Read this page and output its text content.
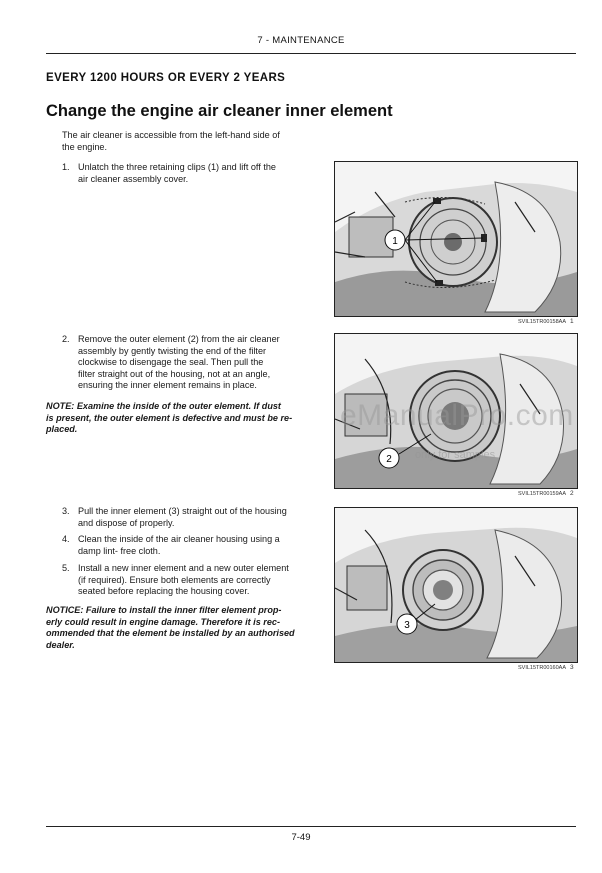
7 - MAINTENANCE
EVERY 1200 HOURS OR EVERY 2 YEARS
Change the engine air cleaner inner element
The air cleaner is accessible from the left-hand side of
the engine.
1. Unlatch the three retaining clips (1) and lift off the
air cleaner assembly cover.
2. Remove the outer element (2) from the air cleaner
assembly by gently twisting the end of the filter
clockwise to disengage the seal. Then pull the
filter straight out of the housing, not at an angle,
ensuring the inner element remains in place.
NOTE: Examine the inside of the outer element. If dust
is present, the outer element is defective and must be re-
placed.
3. Pull the inner element (3) straight out of the housing
and dispose of properly.
4. Clean the inside of the air cleaner housing using a
damp lint- free cloth.
5. Install a new inner element and a new outer element
(if required). Ensure both elements are correctly
seated before replacing the housing cover.
NOTICE: Failure to install the inner filter element prop-
erly could result in engine damage. Therefore it is rec-
ommended that the element be installed by an authorised
dealer.
1
SVIL15TR00158AA 1
2
SVIL15TR00159AA 2
3
SVIL15TR00160AA 3
eManualPro.com
only for samples
7-49
